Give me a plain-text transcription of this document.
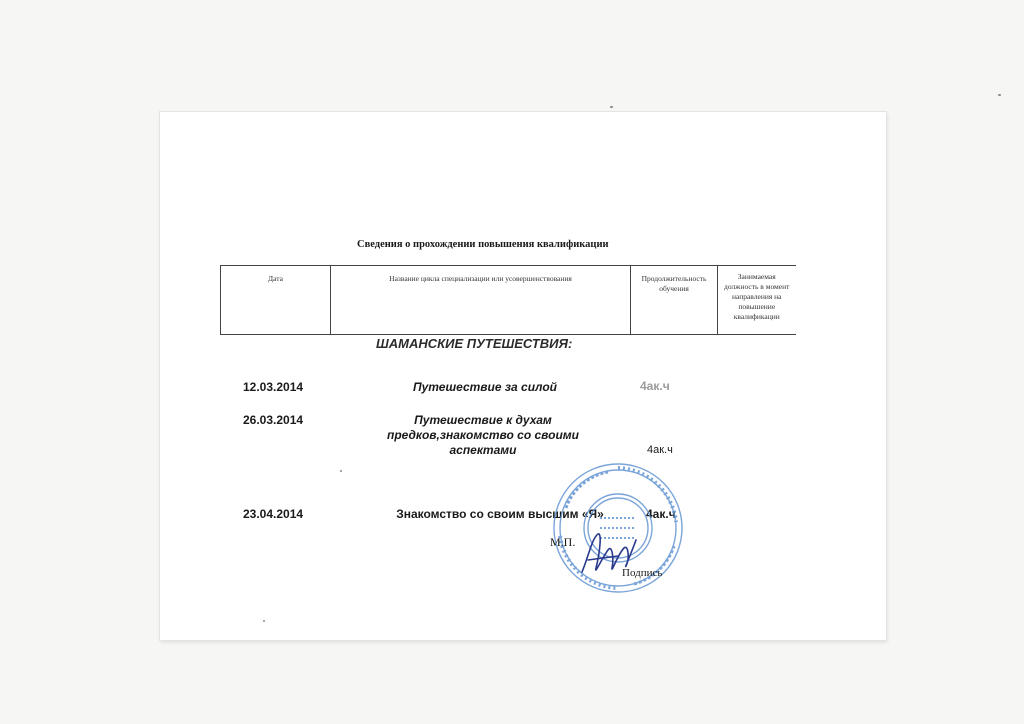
Сведения о прохождении повышения квалификации
Дата	Название цикла специализации или усовершенствования	Продолжительность обучения	Занимаемая должность в момент направления на повышение квалификации
ШАМАНСКИЕ ПУТЕШЕСТВИЯ:
12.03.2014	Путешествие за силой	4ак.ч
26.03.2014	Путешествие к духам предков,знакомство со своими аспектами	4ак.ч
23.04.2014	Знакомство со своим высшим «Я»	4ак.ч
М.П.
Подпись
